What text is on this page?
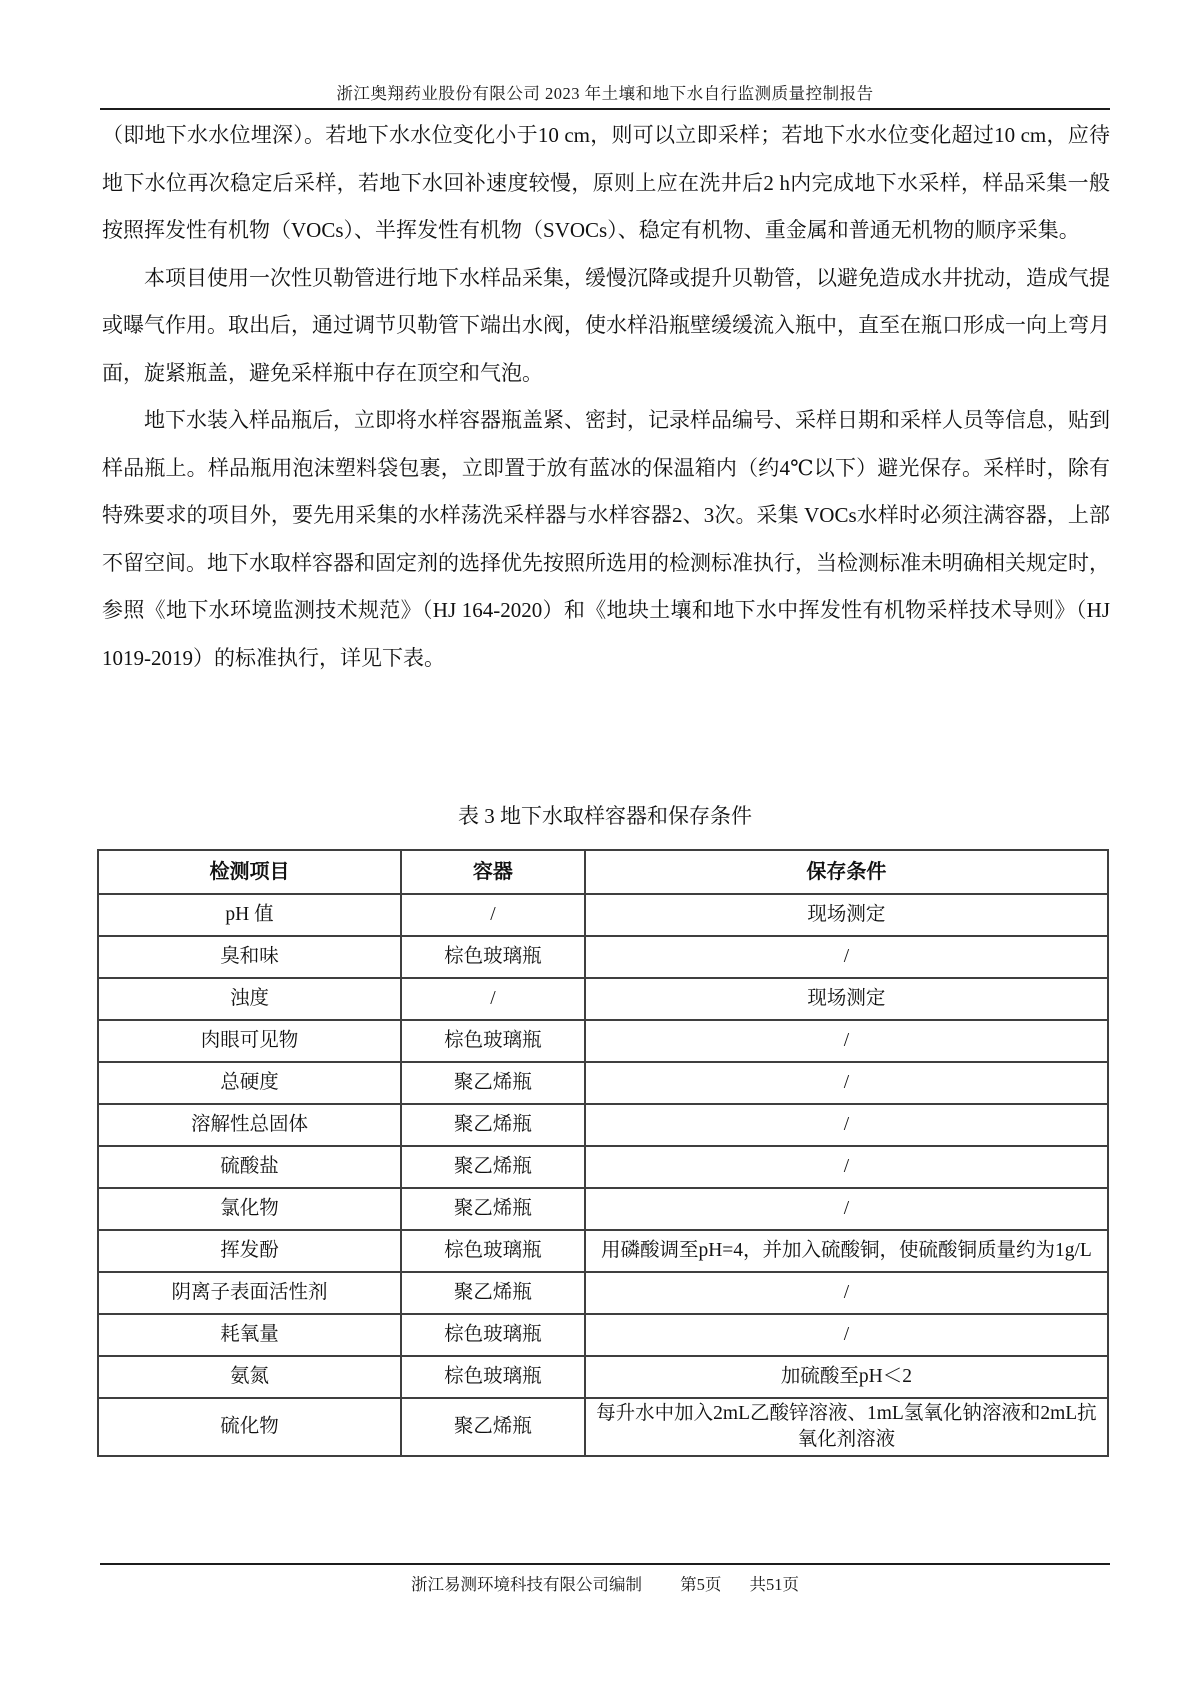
浙江奥翔药业股份有限公司 2023 年土壤和地下水自行监测质量控制报告

（即地下水水位埋深）。若地下水水位变化小于10 cm，则可以立即采样；若地下水水位变化超过10 cm，应待地下水位再次稳定后采样，若地下水回补速度较慢，原则上应在洗井后2 h内完成地下水采样，样品采集一般按照挥发性有机物（VOCs）、半挥发性有机物（SVOCs）、稳定有机物、重金属和普通无机物的顺序采集。

本项目使用一次性贝勒管进行地下水样品采集，缓慢沉降或提升贝勒管，以避免造成水井扰动，造成气提或曝气作用。取出后，通过调节贝勒管下端出水阀，使水样沿瓶壁缓缓流入瓶中，直至在瓶口形成一向上弯月面，旋紧瓶盖，避免采样瓶中存在顶空和气泡。

地下水装入样品瓶后，立即将水样容器瓶盖紧、密封，记录样品编号、采样日期和采样人员等信息，贴到样品瓶上。样品瓶用泡沫塑料袋包裹，立即置于放有蓝冰的保温箱内（约4℃以下）避光保存。采样时，除有特殊要求的项目外，要先用采集的水样荡洗采样器与水样容器2、3次。采集 VOCs水样时必须注满容器，上部不留空间。地下水取样容器和固定剂的选择优先按照所选用的检测标准执行，当检测标准未明确相关规定时，参照《地下水环境监测技术规范》（HJ 164-2020）和《地块土壤和地下水中挥发性有机物采样技术导则》（HJ 1019-2019）的标准执行，详见下表。

表 3 地下水取样容器和保存条件
检测项目	容器	保存条件
pH 值	/	现场测定
臭和味	棕色玻璃瓶	/
浊度	/	现场测定
肉眼可见物	棕色玻璃瓶	/
总硬度	聚乙烯瓶	/
溶解性总固体	聚乙烯瓶	/
硫酸盐	聚乙烯瓶	/
氯化物	聚乙烯瓶	/
挥发酚	棕色玻璃瓶	用磷酸调至pH=4，并加入硫酸铜，使硫酸铜质量约为1g/L
阴离子表面活性剂	聚乙烯瓶	/
耗氧量	棕色玻璃瓶	/
氨氮	棕色玻璃瓶	加硫酸至pH＜2
硫化物	聚乙烯瓶	每升水中加入2mL乙酸锌溶液、1mL氢氧化钠溶液和2mL抗氧化剂溶液
浙江易测环境科技有限公司编制 第5页 共51页
